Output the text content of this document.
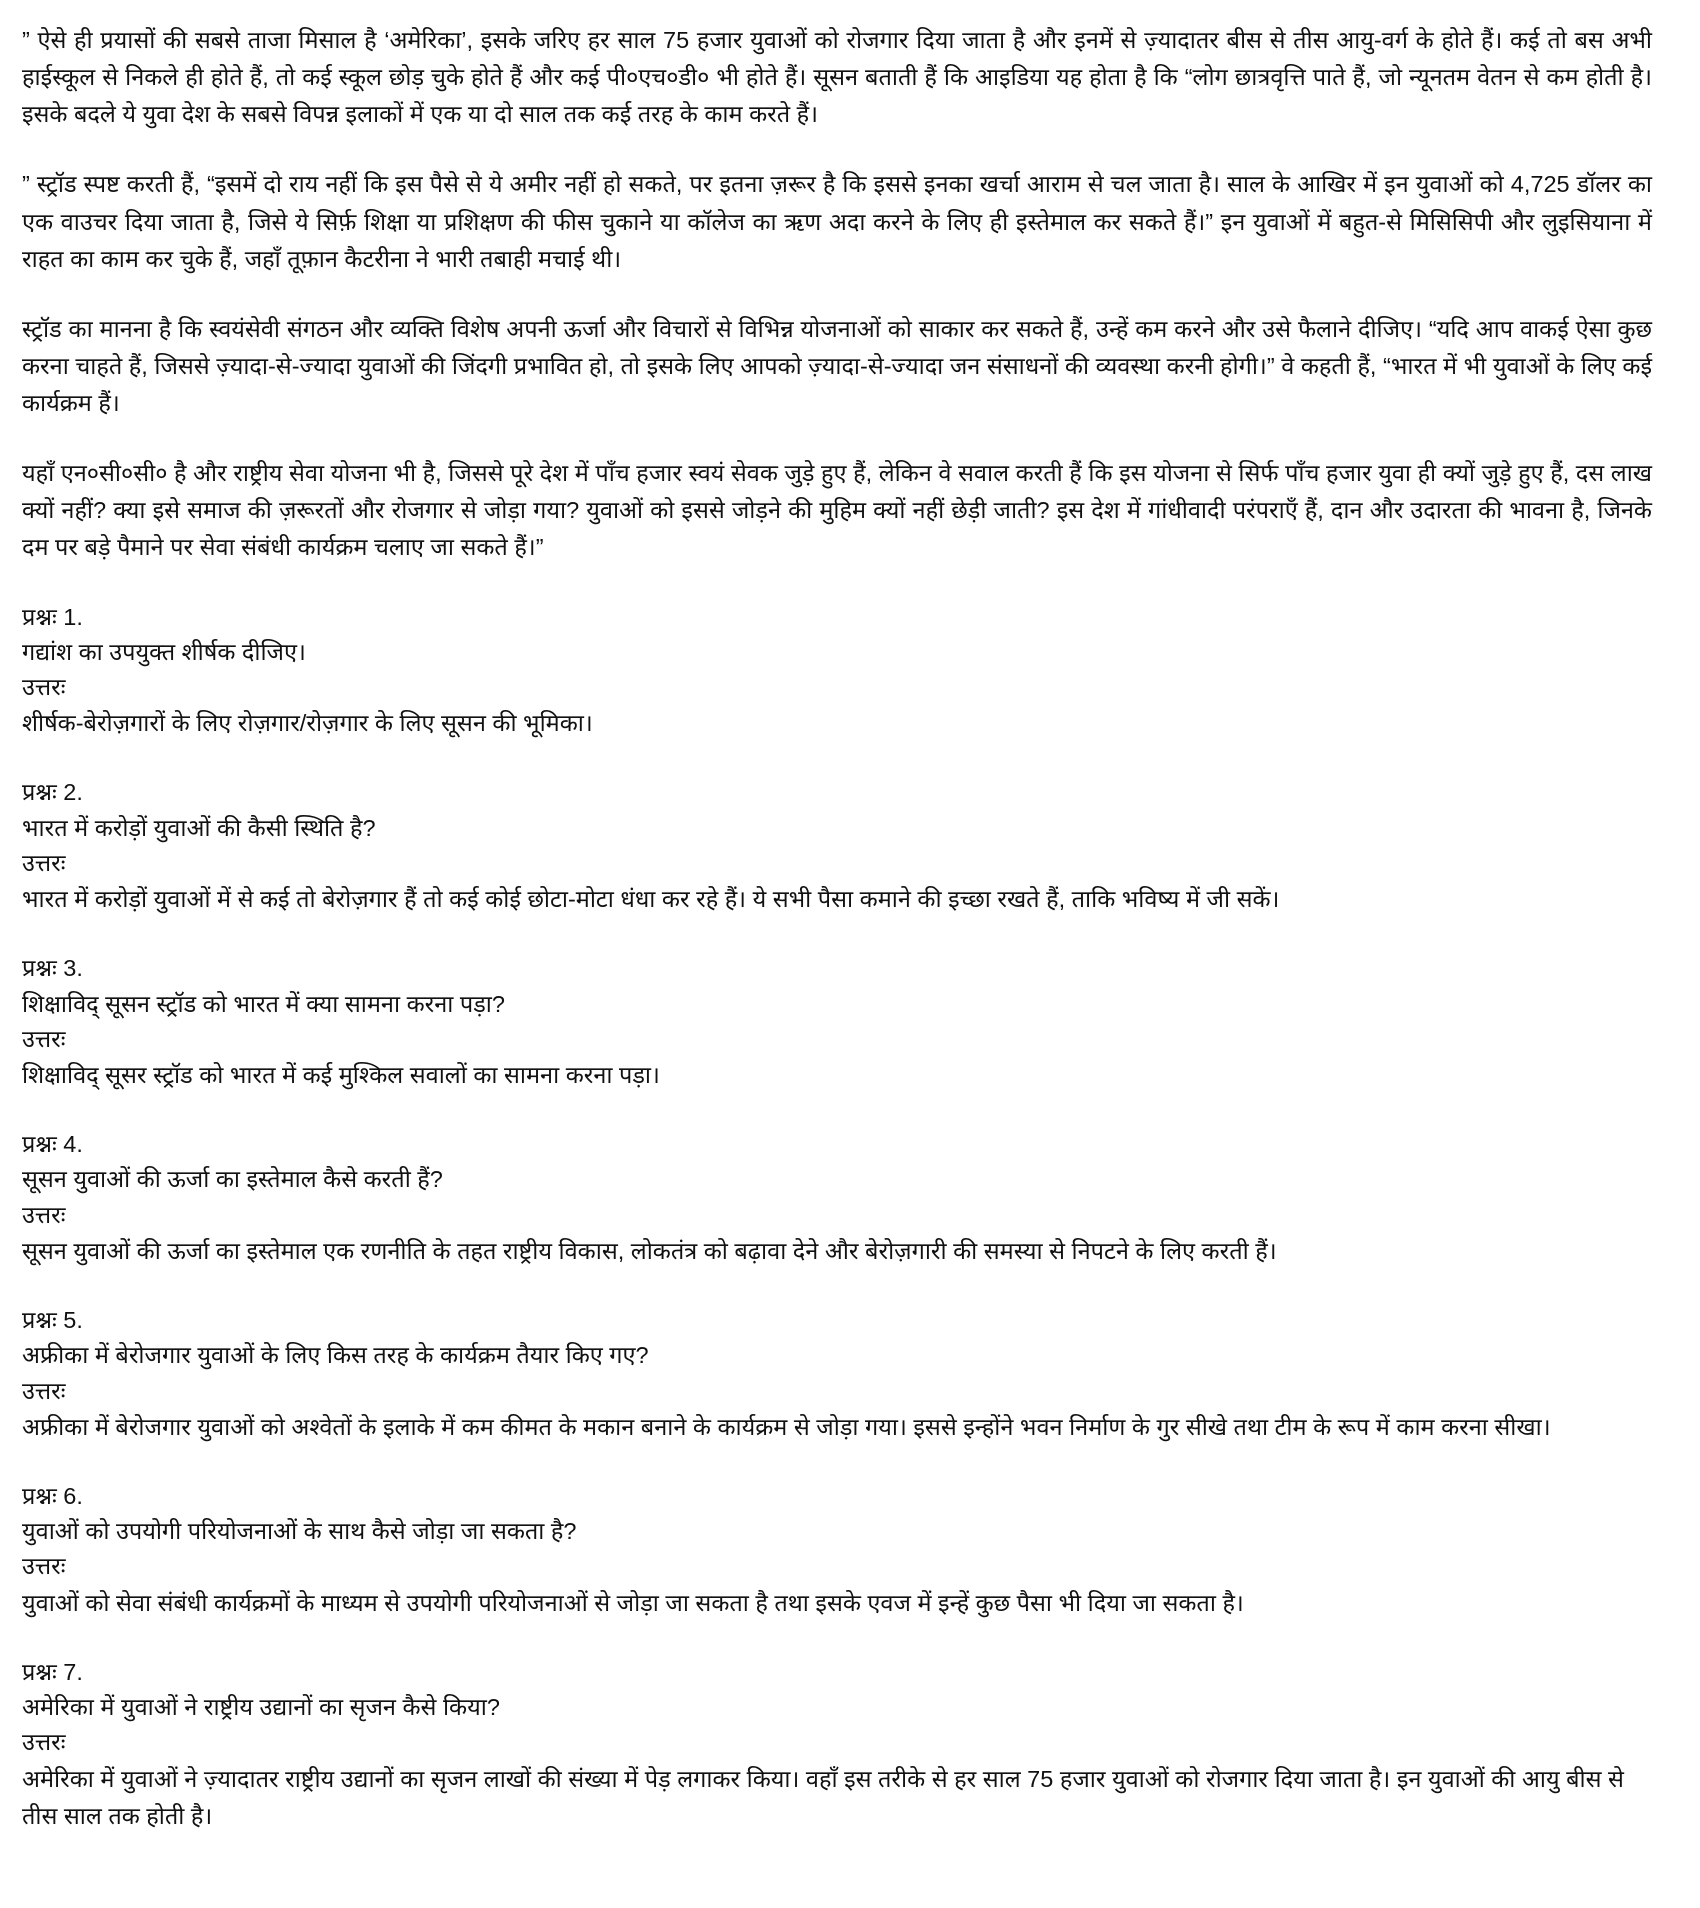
” ऐसे ही प्रयासों की सबसे ताजा मिसाल है ‘अमेरिका’, इसके जरिए हर साल 75 हजार युवाओं को रोजगार दिया जाता है और इनमें से ज़्यादातर बीस से तीस आयु-वर्ग के होते हैं। कई तो बस अभी हाईस्कूल से निकले ही होते हैं, तो कई स्कूल छोड़ चुके होते हैं और कई पी०एच०डी० भी होते हैं। सूसन बताती हैं कि आइडिया यह होता है कि “लोग छात्रवृत्ति पाते हैं, जो न्यूनतम वेतन से कम होती है। इसके बदले ये युवा देश के सबसे विपन्न इलाकों में एक या दो साल तक कई तरह के काम करते हैं।

” स्ट्रॉड स्पष्ट करती हैं, “इसमें दो राय नहीं कि इस पैसे से ये अमीर नहीं हो सकते, पर इतना ज़रूर है कि इससे इनका खर्चा आराम से चल जाता है। साल के आखिर में इन युवाओं को 4,725 डॉलर का एक वाउचर दिया जाता है, जिसे ये सिर्फ़ शिक्षा या प्रशिक्षण की फीस चुकाने या कॉलेज का ऋण अदा करने के लिए ही इस्तेमाल कर सकते हैं।” इन युवाओं में बहुत-से मिसिसिपी और लुइसियाना में राहत का काम कर चुके हैं, जहाँ तूफ़ान कैटरीना ने भारी तबाही मचाई थी।

स्ट्रॉड का मानना है कि स्वयंसेवी संगठन और व्यक्ति विशेष अपनी ऊर्जा और विचारों से विभिन्न योजनाओं को साकार कर सकते हैं, उन्हें कम करने और उसे फैलाने दीजिए। “यदि आप वाकई ऐसा कुछ करना चाहते हैं, जिससे ज़्यादा-से-ज्यादा युवाओं की जिंदगी प्रभावित हो, तो इसके लिए आपको ज़्यादा-से-ज्यादा जन संसाधनों की व्यवस्था करनी होगी।” वे कहती हैं, “भारत में भी युवाओं के लिए कई कार्यक्रम हैं।

यहाँ एन०सी०सी० है और राष्ट्रीय सेवा योजना भी है, जिससे पूरे देश में पाँच हजार स्वयं सेवक जुड़े हुए हैं, लेकिन वे सवाल करती हैं कि इस योजना से सिर्फ पाँच हजार युवा ही क्यों जुड़े हुए हैं, दस लाख क्यों नहीं? क्या इसे समाज की ज़रूरतों और रोजगार से जोड़ा गया? युवाओं को इससे जोड़ने की मुहिम क्यों नहीं छेड़ी जाती? इस देश में गांधीवादी परंपराएँ हैं, दान और उदारता की भावना है, जिनके दम पर बड़े पैमाने पर सेवा संबंधी कार्यक्रम चलाए जा सकते हैं।”

प्रश्नः 1.

गद्यांश का उपयुक्त शीर्षक दीजिए।

उत्तरः

शीर्षक-बेरोज़गारों के लिए रोज़गार/रोज़गार के लिए सूसन की भूमिका।

प्रश्नः 2.

भारत में करोड़ों युवाओं की कैसी स्थिति है?

उत्तरः

भारत में करोड़ों युवाओं में से कई तो बेरोज़गार हैं तो कई कोई छोटा-मोटा धंधा कर रहे हैं। ये सभी पैसा कमाने की इच्छा रखते हैं, ताकि भविष्य में जी सकें।

प्रश्नः 3.

शिक्षाविद् सूसन स्ट्रॉड को भारत में क्या सामना करना पड़ा?

उत्तरः

शिक्षाविद् सूसर स्ट्रॉड को भारत में कई मुश्किल सवालों का सामना करना पड़ा।

प्रश्नः 4.

सूसन युवाओं की ऊर्जा का इस्तेमाल कैसे करती हैं?

उत्तरः

सूसन युवाओं की ऊर्जा का इस्तेमाल एक रणनीति के तहत राष्ट्रीय विकास, लोकतंत्र को बढ़ावा देने और बेरोज़गारी की समस्या से निपटने के लिए करती हैं।

प्रश्नः 5.

अफ्रीका में बेरोजगार युवाओं के लिए किस तरह के कार्यक्रम तैयार किए गए?

उत्तरः

अफ्रीका में बेरोजगार युवाओं को अश्वेतों के इलाके में कम कीमत के मकान बनाने के कार्यक्रम से जोड़ा गया। इससे इन्होंने भवन निर्माण के गुर सीखे तथा टीम के रूप में काम करना सीखा।

प्रश्नः 6.

युवाओं को उपयोगी परियोजनाओं के साथ कैसे जोड़ा जा सकता है?

उत्तरः

युवाओं को सेवा संबंधी कार्यक्रमों के माध्यम से उपयोगी परियोजनाओं से जोड़ा जा सकता है तथा इसके एवज में इन्हें कुछ पैसा भी दिया जा सकता है।

प्रश्नः 7.

अमेरिका में युवाओं ने राष्ट्रीय उद्यानों का सृजन कैसे किया?

उत्तरः

अमेरिका में युवाओं ने ज़्यादातर राष्ट्रीय उद्यानों का सृजन लाखों की संख्या में पेड़ लगाकर किया। वहाँ इस तरीके से हर साल 75 हजार युवाओं को रोजगार दिया जाता है। इन युवाओं की आयु बीस से तीस साल तक होती है।
